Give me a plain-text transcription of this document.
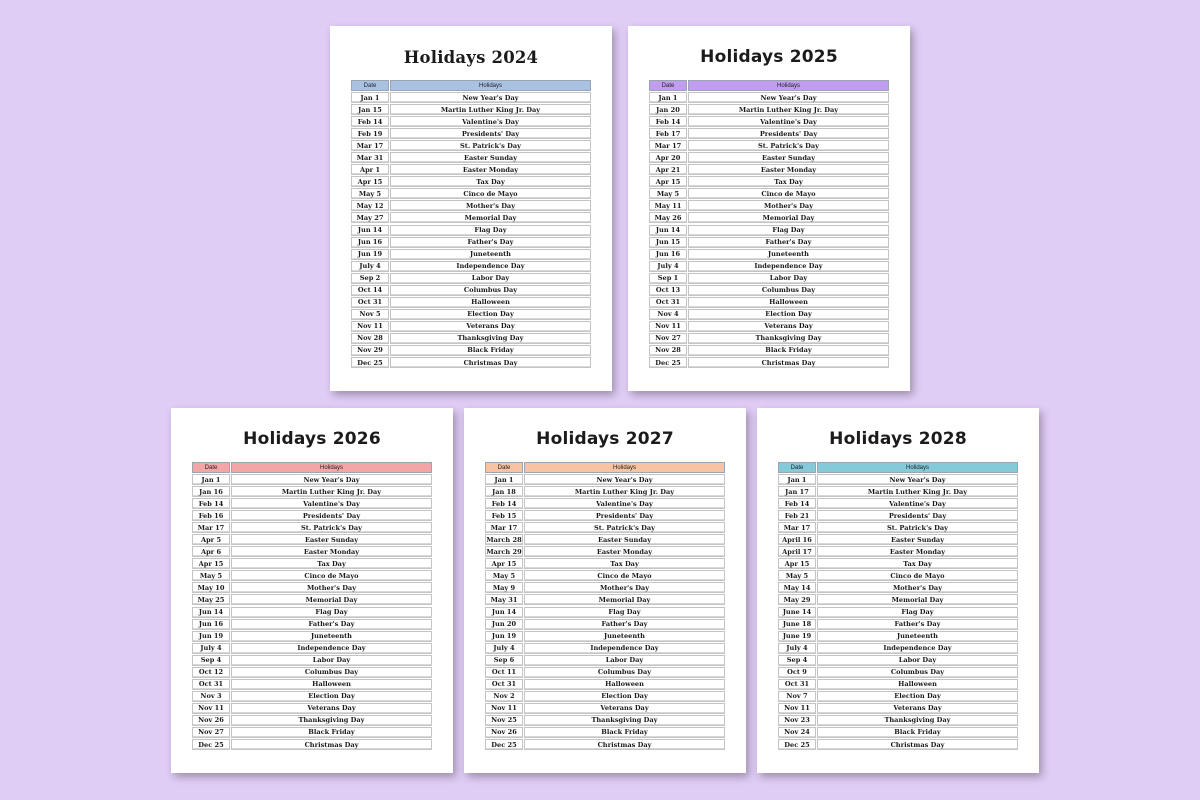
Holidays 2024
Date	Holidays
Jan 1	New Year's Day
Jan 15	Martin Luther King Jr. Day
Feb 14	Valentine's Day
Feb 19	Presidents' Day
Mar 17	St. Patrick's Day
Mar 31	Easter Sunday
Apr 1	Easter Monday
Apr 15	Tax Day
May 5	Cinco de Mayo
May 12	Mother's Day
May 27	Memorial Day
Jun 14	Flag Day
Jun 16	Father's Day
Jun 19	Juneteenth
July 4	Independence Day
Sep 2	Labor Day
Oct 14	Columbus Day
Oct 31	Halloween
Nov 5	Election Day
Nov 11	Veterans Day
Nov 28	Thanksgiving Day
Nov 29	Black Friday
Dec 25	Christmas Day
Holidays 2025
Date	Holidays
Jan 1	New Year's Day
Jan 20	Martin Luther King Jr. Day
Feb 14	Valentine's Day
Feb 17	Presidents' Day
Mar 17	St. Patrick's Day
Apr 20	Easter Sunday
Apr 21	Easter Monday
Apr 15	Tax Day
May 5	Cinco de Mayo
May 11	Mother's Day
May 26	Memorial Day
Jun 14	Flag Day
Jun 15	Father's Day
Jun 16	Juneteenth
July 4	Independence Day
Sep 1	Labor Day
Oct 13	Columbus Day
Oct 31	Halloween
Nov 4	Election Day
Nov 11	Veterans Day
Nov 27	Thanksgiving Day
Nov 28	Black Friday
Dec 25	Christmas Day
Holidays 2026
Date	Holidays
Jan 1	New Year's Day
Jan 16	Martin Luther King Jr. Day
Feb 14	Valentine's Day
Feb 16	Presidents' Day
Mar 17	St. Patrick's Day
Apr 5	Easter Sunday
Apr 6	Easter Monday
Apr 15	Tax Day
May 5	Cinco de Mayo
May 10	Mother's Day
May 25	Memorial Day
Jun 14	Flag Day
Jun 16	Father's Day
Jun 19	Juneteenth
July 4	Independence Day
Sep 4	Labor Day
Oct 12	Columbus Day
Oct 31	Halloween
Nov 3	Election Day
Nov 11	Veterans Day
Nov 26	Thanksgiving Day
Nov 27	Black Friday
Dec 25	Christmas Day
Holidays 2027
Date	Holidays
Jan 1	New Year's Day
Jan 18	Martin Luther King Jr. Day
Feb 14	Valentine's Day
Feb 15	Presidents' Day
Mar 17	St. Patrick's Day
March 28	Easter Sunday
March 29	Easter Monday
Apr 15	Tax Day
May 5	Cinco de Mayo
May 9	Mother's Day
May 31	Memorial Day
Jun 14	Flag Day
Jun 20	Father's Day
Jun 19	Juneteenth
July 4	Independence Day
Sep 6	Labor Day
Oct 11	Columbus Day
Oct 31	Halloween
Nov 2	Election Day
Nov 11	Veterans Day
Nov 25	Thanksgiving Day
Nov 26	Black Friday
Dec 25	Christmas Day
Holidays 2028
Date	Holidays
Jan 1	New Year's Day
Jan 17	Martin Luther King Jr. Day
Feb 14	Valentine's Day
Feb 21	Presidents' Day
Mar 17	St. Patrick's Day
April 16	Easter Sunday
April 17	Easter Monday
Apr 15	Tax Day
May 5	Cinco de Mayo
May 14	Mother's Day
May 29	Memorial Day
June 14	Flag Day
June 18	Father's Day
June 19	Juneteenth
July 4	Independence Day
Sep 4	Labor Day
Oct 9	Columbus Day
Oct 31	Halloween
Nov 7	Election Day
Nov 11	Veterans Day
Nov 23	Thanksgiving Day
Nov 24	Black Friday
Dec 25	Christmas Day
